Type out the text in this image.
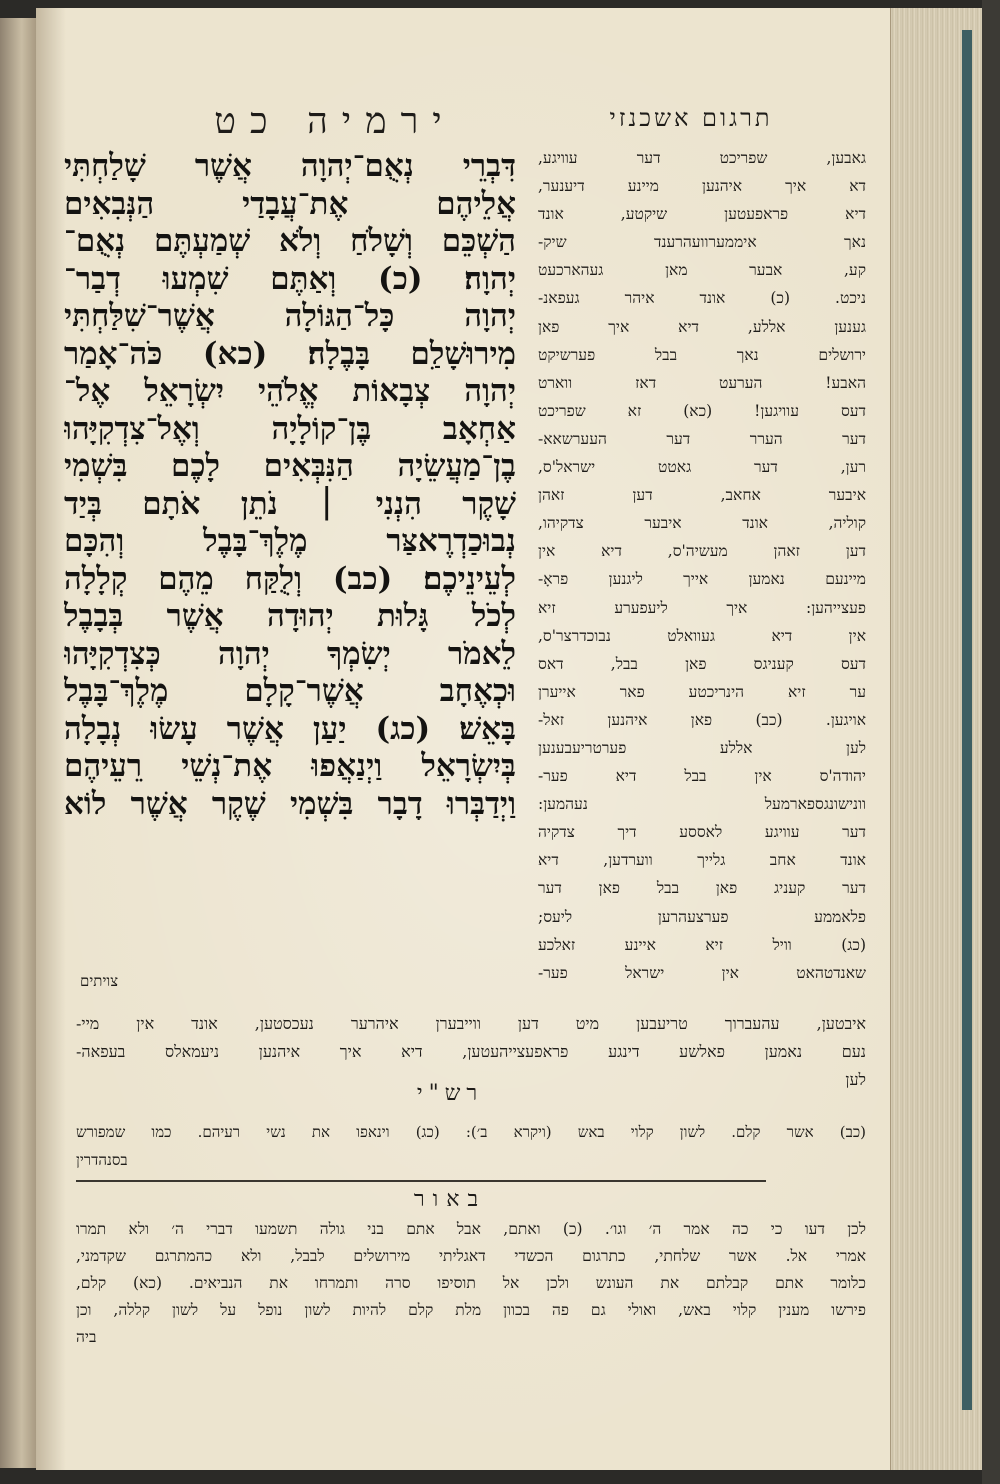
ירמיה כט	תרגום אשכנזי
דִּבְרֵי נְאֻם־יְהוָה אֲשֶׁר שָׁלַחְתִּי
אֲלֵיהֶם אֶת־עֲבָדַי הַנְּבִאִים
הַשְׁכֵּם וְשָׁלֹחַ וְלֹא שְׁמַעְתֶּם נְאֻם־
יְהוָה׃ (כ) וְאַתֶּם שִׁמְעוּ דְבַר־
יְהוָה כָּל־הַגּוֹלָה אֲשֶׁר־שִׁלַּחְתִּי
מִירוּשָׁלִַם בָּבֶלָה׃ (כא) כֹּה־אָמַר
יְהוָה צְבָאוֹת אֱלֹהֵי יִשְׂרָאֵל אֶל־
אַחְאָב בֶּן־קוֹלָיָה וְאֶל־צִדְקִיָּהוּ
בֶן־מַעֲשֵׂיָה הַנִּבְּאִים לָכֶם בִּשְׁמִי
שָׁקֶר הִנְנִי ׀ נֹתֵן אֹתָם בְּיַד
נְבוּכַדְרֶאצַּר מֶלֶךְ־בָּבֶל וְהִכָּם
לְעֵינֵיכֶם׃ (כב) וְלֻקַּח מֵהֶם קְלָלָה
לְכֹל גָּלוּת יְהוּדָה אֲשֶׁר בְּבָבֶל
לֵאמֹר יְשִׂמְךָ יְהוָה כְּצִדְקִיָּהוּ
וּכְאֶחָב אֲשֶׁר־קָלָם מֶלֶךְ־בָּבֶל
בָּאֵשׁ׃ (כג) יַעַן אֲשֶׁר עָשׂוּ נְבָלָה
בְּיִשְׂרָאֵל וַיְנַאֲפוּ אֶת־נְשֵׁי רֵעֵיהֶם
וַיְדַבְּרוּ דָבָר בִּשְׁמִי שֶׁקֶר אֲשֶׁר לוֹא
צויתים
גאבען, שפריכט דער עוויגע,
דא איך איהנען מיינע דיענער,
דיא פראפעטען שיקטע, אונד
נאך איממערוועהרענד שיק-
קע, אבער מאן געהארכעט
ניכט. (כ) אונד איהר געפאנ-
גענען אללע, דיא איך פאן
ירושלים נאך בבל פערשיקט
האבע! הערעט דאז ווארט
דעס עוויגען! (כא) זא שפריכט
דער הערר דער העערשאא-
רען, דער גאטט ישראל'ס,
איבער אחאב, דען זאהן
קוליה, אונד איבער צדקיהו,
דען זאהן מעשיה'ס, דיא אין
מיינעם נאמען אייך ליגנען פראָ-
פעצייהען: איך ליעפערע זיא
אין דיא געוואלט נבוכדרצר'ס,
דעס קעניגס פאן בבל, דאס
ער זיא הינריכטע פאר אייערן
אויגען. (כב) פאן איהנען זאל-
לען אללע פערטריעבענען
יהודה'ס אין בבל דיא פער-
וונישונגספארמעל נעהמען:
דער עוויגע לאססע דיך צדקיה
אונד אחב גלייך ווערדען, דיא
דער קעניג פאן בבל פאן דער
פלאממע פערצעהרען ליעס;
(כג) וויל זיא איינע זאלכע
שאנדטהאט אין ישראל פער-
איבטען, עהעברוך טריעבען מיט דען ווייבערן איהרער נעכסטען, אונד אין מיי-
נעם נאמען פאלשע דינגע פראפעצייהעטען, דיא איך איהנען ניעמאלס בעפאה-
לען
רש"י
(כב) אשר קלם. לשון קלוי באש (ויקרא ב׳): (כג) וינאפו את נשי רעיהם. כמו שמפורש
בסנהדרין
באור
לכן דעו כי כה אמר ה׳ וגו׳. (כ) ואתם, אבל אתם בני גולה תשמעו דברי ה׳ ולא תמרו
אמרי אל. אשר שלחתי, כתרגום הכשדי דאגליתי מירושלים לבבל, ולא כהמתרגם שקדמני,
כלומר אתם קבלתם את העונש ולכן אל תוסיפו סרה ותמרחו את הנביאים. (כא) קלם,
פירשו מענין קלוי באש, ואולי גם פה בכוון מלת קלם להיות לשון נופל על לשון קללה, וכן
ביה
